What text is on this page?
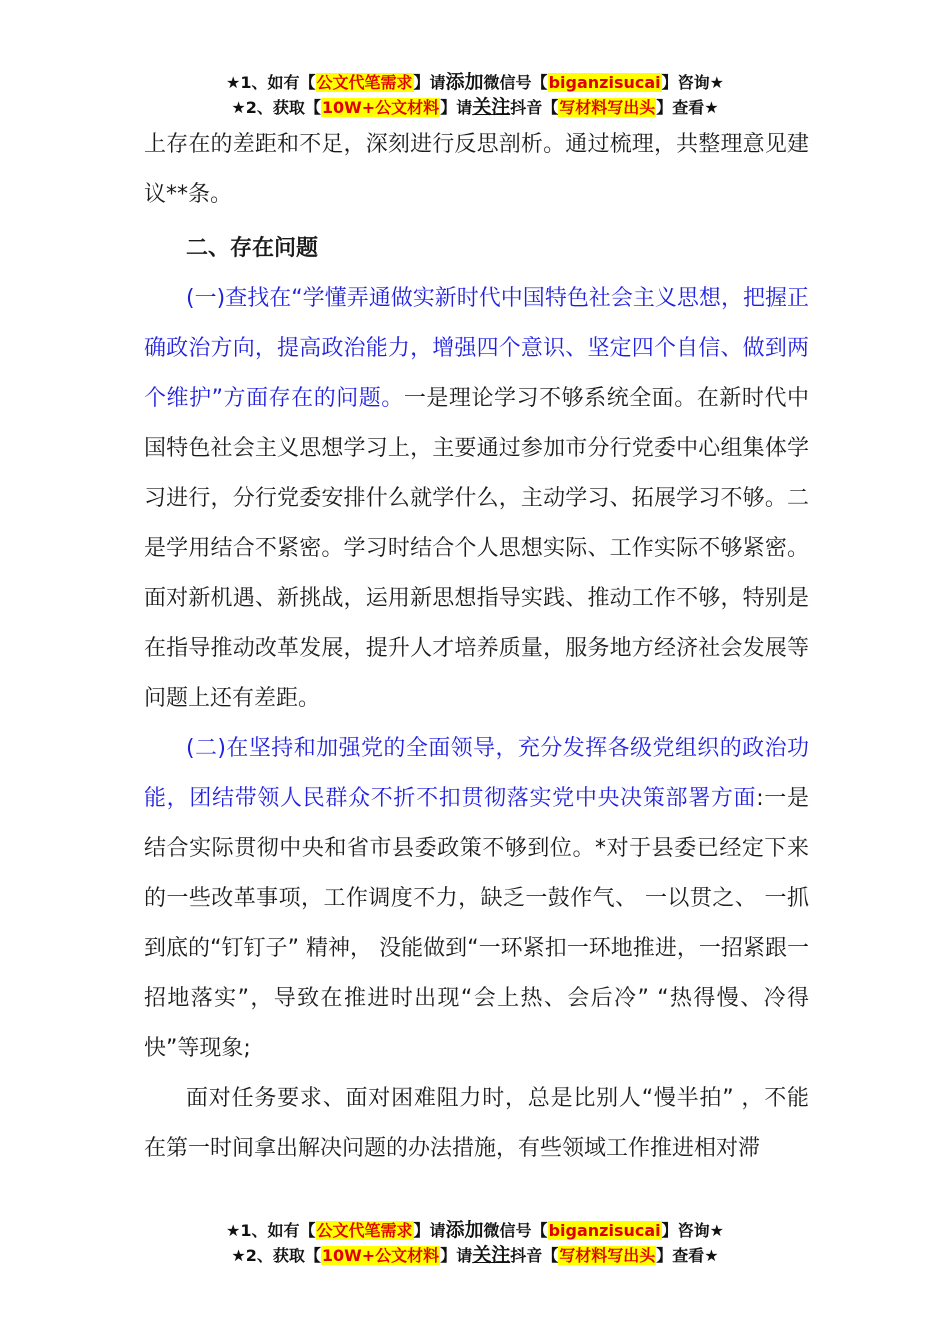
★1、如有【公文代笔需求】请添加微信号【biganzisucai】咨询★
★2、获取【10W+公文材料】请关注抖音【写材料写出头】查看★

上存在的差距和不足，深刻进行反思剖析。通过梳理，共整理意见建议**条。

二、存在问题

(一)查找在“学懂弄通做实新时代中国特色社会主义思想，把握正确政治方向，提高政治能力，增强四个意识、坚定四个自信、做到两个维护”方面存在的问题。一是理论学习不够系统全面。在新时代中国特色社会主义思想学习上，主要通过参加市分行党委中心组集体学习进行，分行党委安排什么就学什么，主动学习、拓展学习不够。二是学用结合不紧密。学习时结合个人思想实际、工作实际不够紧密。面对新机遇、新挑战，运用新思想指导实践、推动工作不够，特别是在指导推动改革发展，提升人才培养质量，服务地方经济社会发展等问题上还有差距。

(二)在坚持和加强党的全面领导，充分发挥各级党组织的政治功能，团结带领人民群众不折不扣贯彻落实党中央决策部署方面:一是结合实际贯彻中央和省市县委政策不够到位。*对于县委已经定下来的一些改革事项，工作调度不力，缺乏一鼓作气、 一以贯之、 一抓到底的“钉钉子” 精神， 没能做到“一环紧扣一环地推进，一招紧跟一招地落实”，导致在推进时出现“会上热、会后冷” “热得慢、冷得快”等现象;

面对任务要求、面对困难阻力时，总是比别人“慢半拍” ，不能在第一时间拿出解决问题的办法措施，有些领域工作推进相对滞

★1、如有【公文代笔需求】请添加微信号【biganzisucai】咨询★
★2、获取【10W+公文材料】请关注抖音【写材料写出头】查看★
